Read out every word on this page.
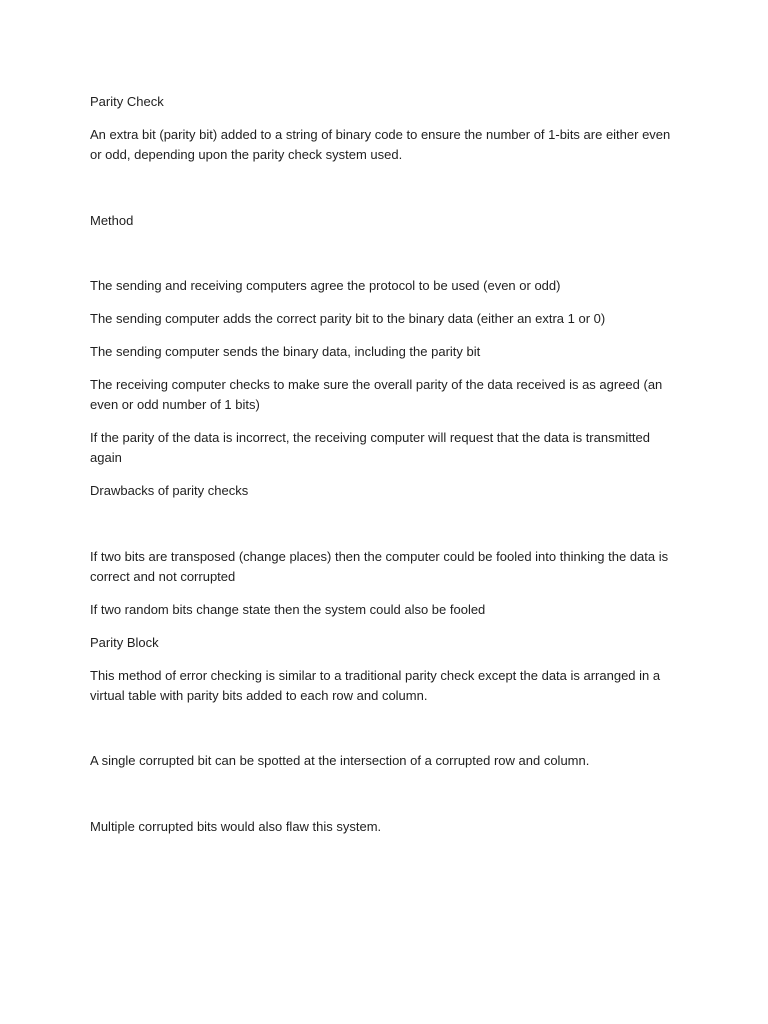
Parity Check

An extra bit (parity bit) added to a string of binary code to ensure the number of 1-bits are either even or odd, depending upon the parity check system used.

Method

The sending and receiving computers agree the protocol to be used (even or odd)

The sending computer adds the correct parity bit to the binary data (either an extra 1 or 0)

The sending computer sends the binary data, including the parity bit

The receiving computer checks to make sure the overall parity of the data received is as agreed (an even or odd number of 1 bits)

If the parity of the data is incorrect, the receiving computer will request that the data is transmitted again

Drawbacks of parity checks

If two bits are transposed (change places) then the computer could be fooled into thinking the data is correct and not corrupted

If two random bits change state then the system could also be fooled

Parity Block

This method of error checking is similar to a traditional parity check except the data is arranged in a virtual table with parity bits added to each row and column.

A single corrupted bit can be spotted at the intersection of a corrupted row and column.

Multiple corrupted bits would also flaw this system.
